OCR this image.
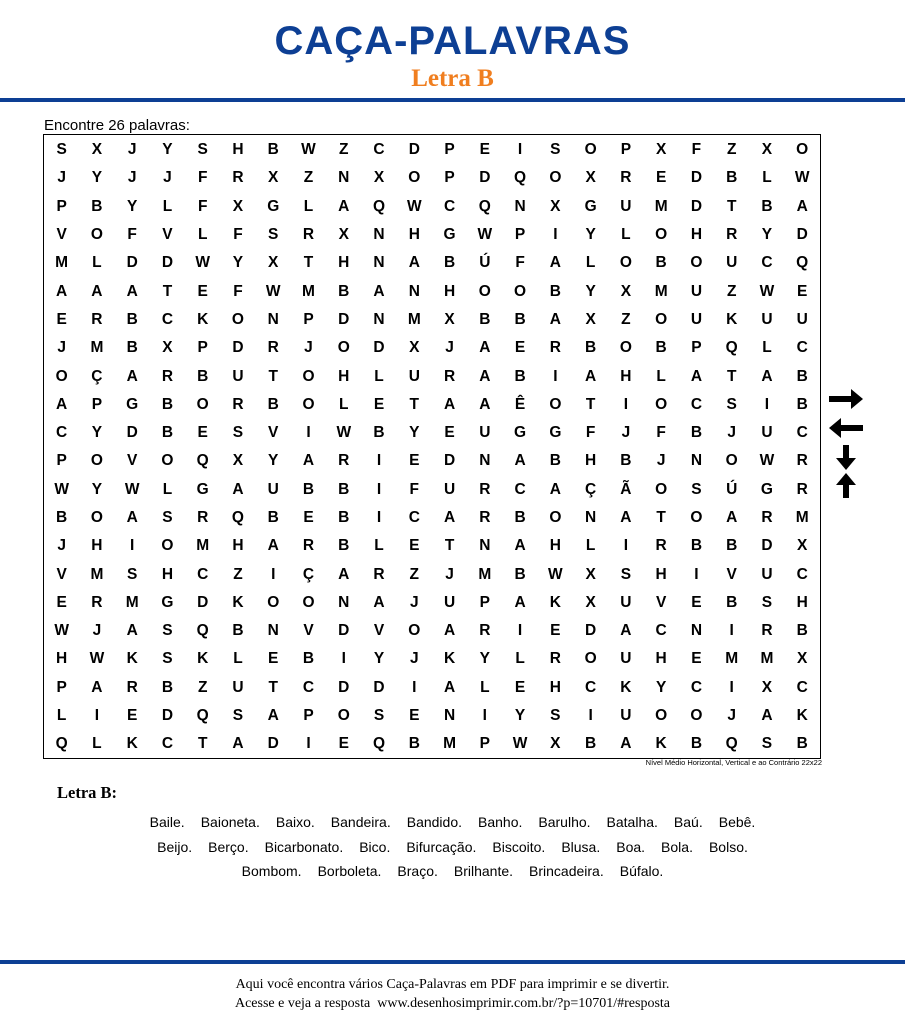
CAÇA-PALAVRAS
Letra B
Encontre 26 palavras:
S	X	J	Y	S	H	B	W	Z	C	D	P	E	I	S	O	P	X	F	Z	X	O
J	Y	J	J	F	R	X	Z	N	X	O	P	D	Q	O	X	R	E	D	B	L	W
P	B	Y	L	F	X	G	L	A	Q	W	C	Q	N	X	G	U	M	D	T	B	A
V	O	F	V	L	F	S	R	X	N	H	G	W	P	I	Y	L	O	H	R	Y	D
M	L	D	D	W	Y	X	T	H	N	A	B	Ú	F	A	L	O	B	O	U	C	Q
A	A	A	T	E	F	W	M	B	A	N	H	O	O	B	Y	X	M	U	Z	W	E
E	R	B	C	K	O	N	P	D	N	M	X	B	B	A	X	Z	O	U	K	U	U
J	M	B	X	P	D	R	J	O	D	X	J	A	E	R	B	O	B	P	Q	L	C
O	Ç	A	R	B	U	T	O	H	L	U	R	A	B	I	A	H	L	A	T	A	B
A	P	G	B	O	R	B	O	L	E	T	A	A	Ê	O	T	I	O	C	S	I	B
C	Y	D	B	E	S	V	I	W	B	Y	E	U	G	G	F	J	F	B	J	U	C
P	O	V	O	Q	X	Y	A	R	I	E	D	N	A	B	H	B	J	N	O	W	R
W	Y	W	L	G	A	U	B	B	I	F	U	R	C	A	Ç	Ã	O	S	Ú	G	R
B	O	A	S	R	Q	B	E	B	I	C	A	R	B	O	N	A	T	O	A	R	M
J	H	I	O	M	H	A	R	B	L	E	T	N	A	H	L	I	R	B	B	D	X
V	M	S	H	C	Z	I	Ç	A	R	Z	J	M	B	W	X	S	H	I	V	U	C
E	R	M	G	D	K	O	O	N	A	J	U	P	A	K	X	U	V	E	B	S	H
W	J	A	S	Q	B	N	V	D	V	O	A	R	I	E	D	A	C	N	I	R	B
H	W	K	S	K	L	E	B	I	Y	J	K	Y	L	R	O	U	H	E	M	M	X
P	A	R	B	Z	U	T	C	D	D	I	A	L	E	H	C	K	Y	C	I	X	C
L	I	E	D	Q	S	A	P	O	S	E	N	I	Y	S	I	U	O	O	J	A	K
Q	L	K	C	T	A	D	I	E	Q	B	M	P	W	X	B	A	K	B	Q	S	B
Nível Médio Horizontal, Vertical e ao Contrário 22x22
Letra B:
Baile. Baioneta. Baixo. Bandeira. Bandido. Banho. Barulho. Batalha. Baú. Bebê.
Beijo. Berço. Bicarbonato. Bico. Bifurcação. Biscoito. Blusa. Boa. Bola. Bolso.
Bombom. Borboleta. Braço. Brilhante. Brincadeira. Búfalo.
Aqui você encontra vários Caça-Palavras em PDF para imprimir e se divertir.
Acesse e veja a resposta  www.desenhosimprimir.com.br/?p=10701/#resposta
